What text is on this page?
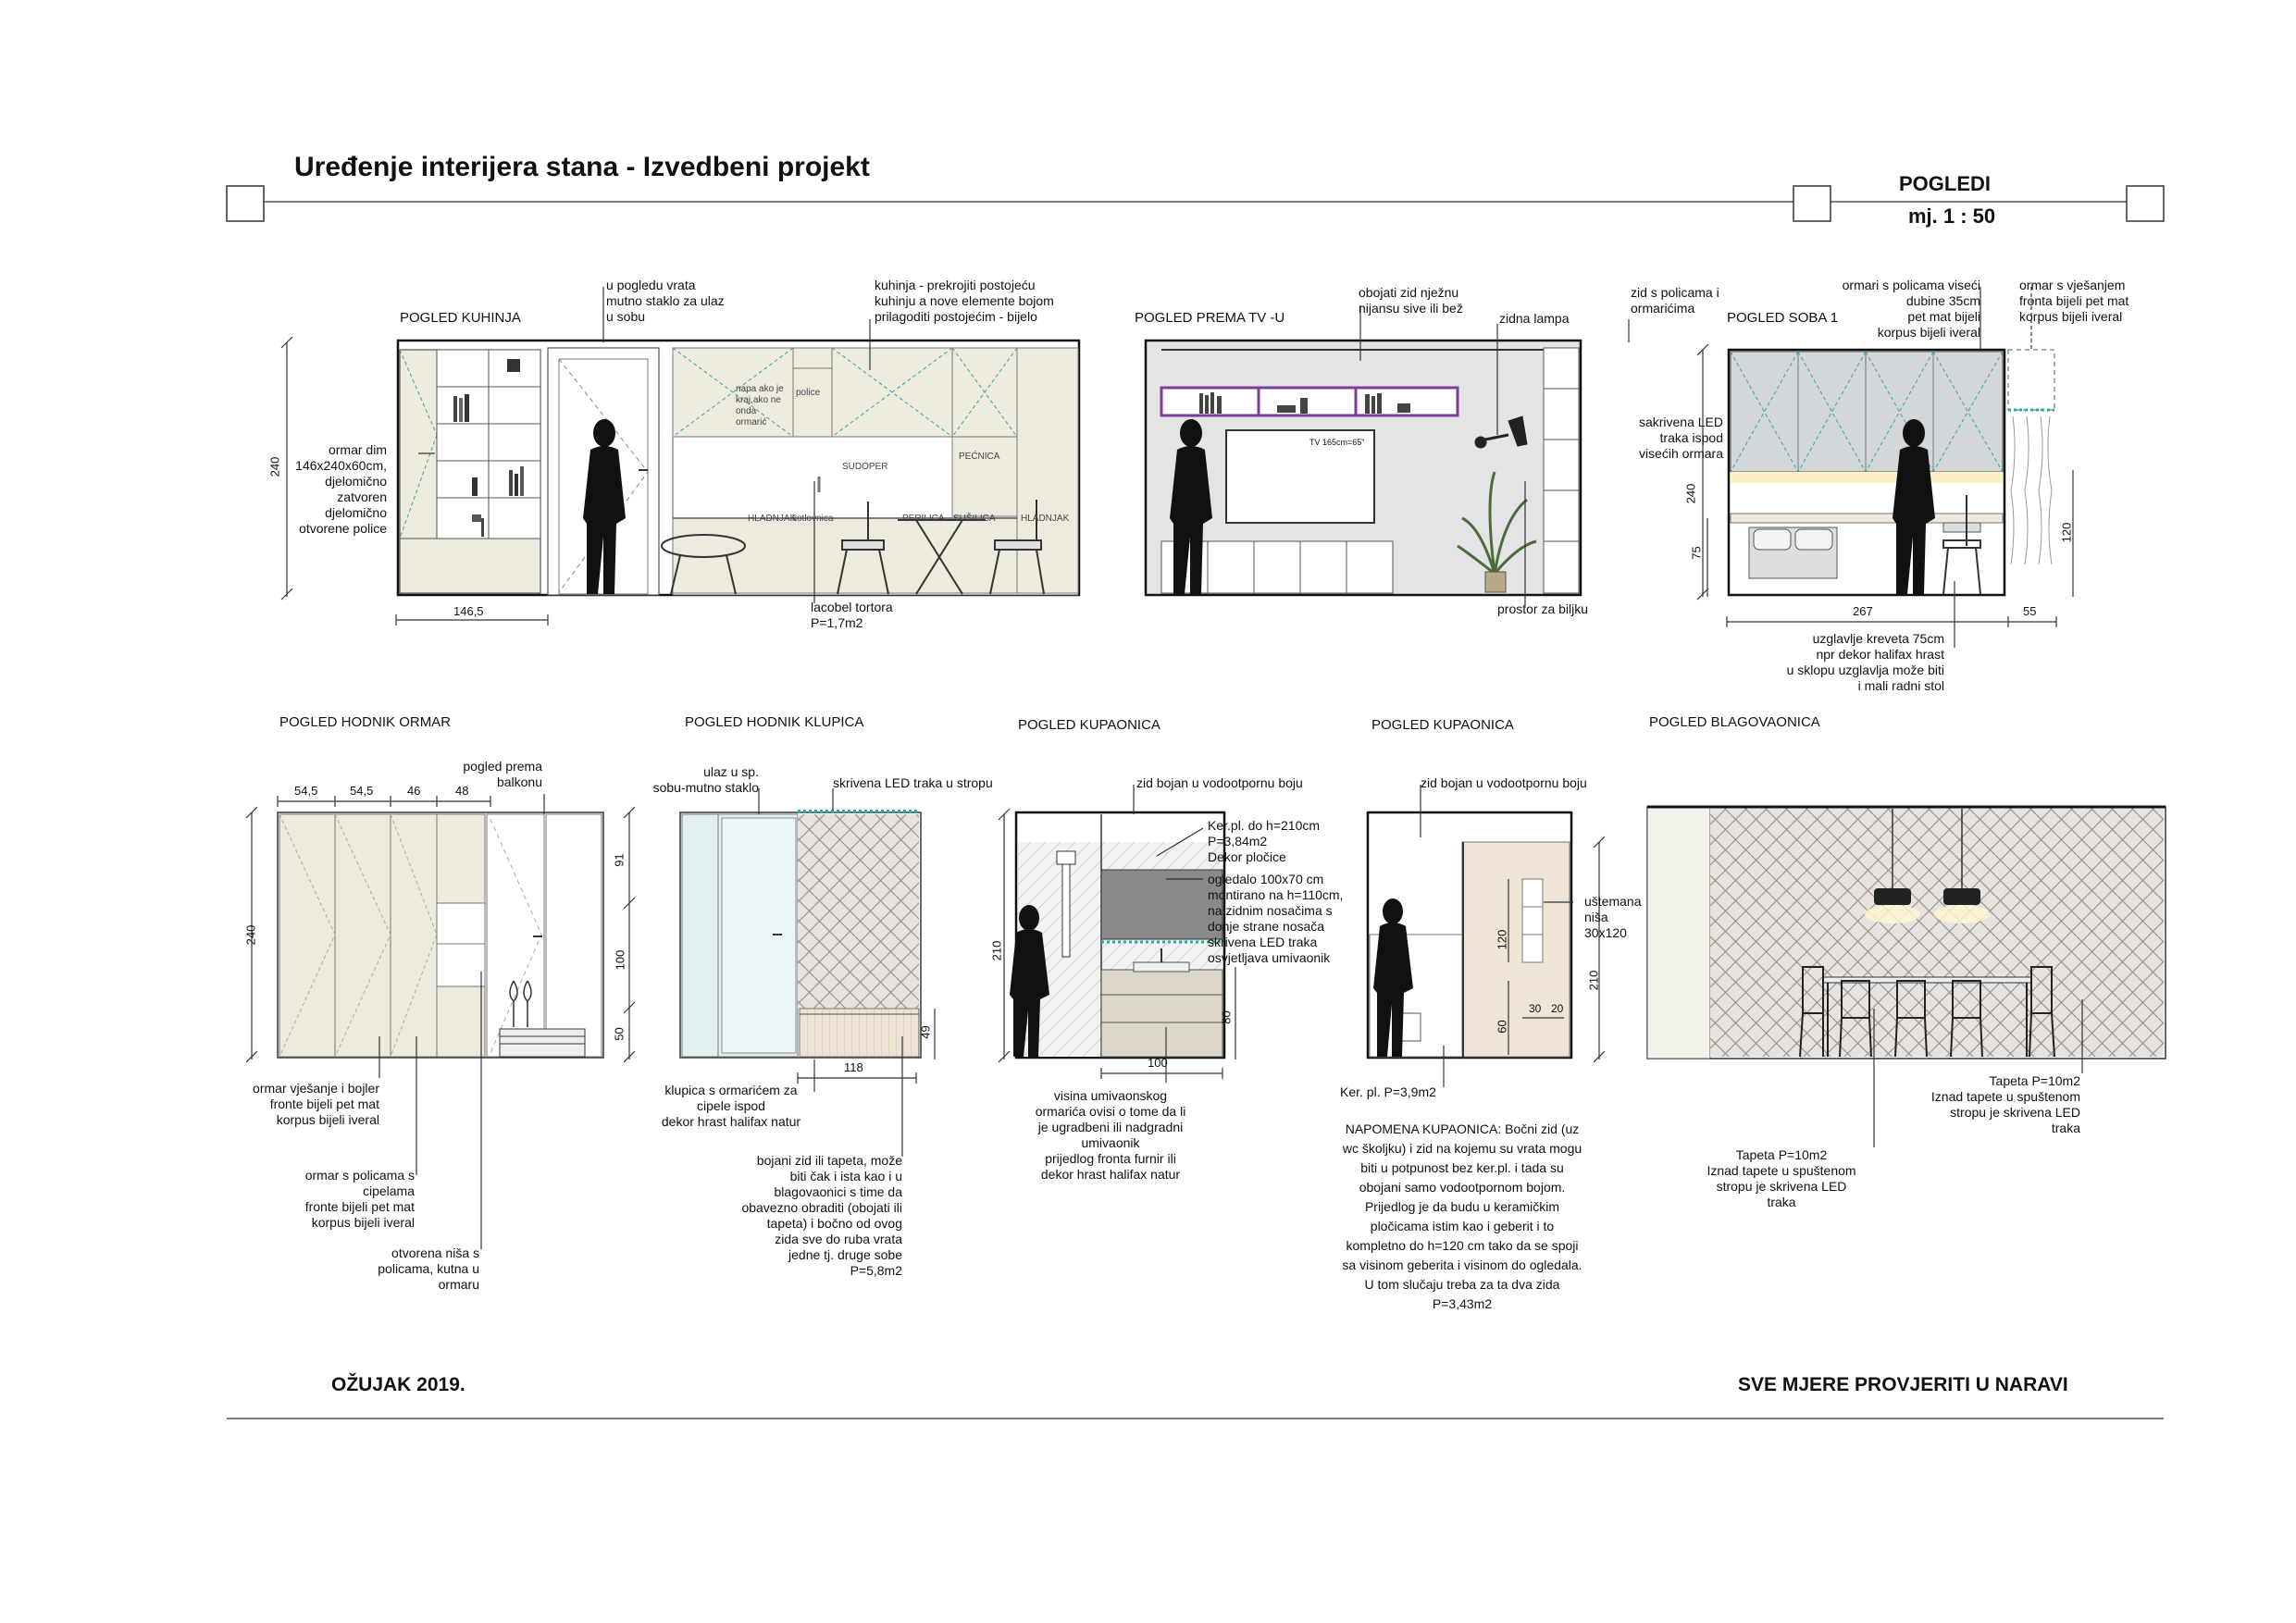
Uređenje interijera stana - Izvedbeni projekt
POGLEDI
mj. 1 : 50
OŽUJAK 2019.	SVE MJERE PROVJERITI U NARAVI
POGLED KUHINJA
u pogledu vrata
mutno staklo za ulaz
u sobu
kuhinja - prekrojiti postojeću
kuhinju a nove elemente bojom
prilagoditi postojećim - bijelo
ormar dim
146x240x60cm,
djelomično
zatvoren
djelomično
otvorene police
lacobel tortora
P=1,7m2
240
146,5
napa ako je
kraj,ako ne
onda
ormarić
police
SUDOPER
PEĆNICA
HLADNJAK
PERILICA SUŠILICA
kotlovnica
HLADNJAK
POGLED PREMA TV -U
obojati zid nježnu
nijansu sive ili bež
zidna lampa
zid s policama i
ormarićima
prostor za biljku
TV 165cm=65"
POGLED SOBA 1
ormari s policama viseći
dubine 35cm
pet mat bijeli
korpus bijeli iveral
ormar s vješanjem
fronta bijeli pet mat
korpus bijeli iveral
sakrivena LED
traka ispod
visećih ormara
uzglavlje kreveta 75cm
npr dekor halifax hrast
u sklopu uzglavlja može biti
i mali radni stol
240
75
120
267	55
POGLED HODNIK ORMAR
54,5	54,5	46	48
240
91
100
50
pogled prema
balkonu
ormar vješanje i bojler
fronte bijeli pet mat
korpus bijeli iveral
ormar s policama s
cipelama
fronte bijeli pet mat
korpus bijeli iveral
otvorena niša s
policama, kutna u
ormaru
POGLED HODNIK KLUPICA
ulaz u sp.
sobu-mutno staklo	skrivena LED traka u stropu
klupica s ormarićem za
cipele ispod
dekor hrast halifax natur
bojani zid ili tapeta, može
biti čak i ista kao i u
blagovaonici s time da
obavezno obraditi (obojati ili
tapeta) i bočno od ovog
zida sve do ruba vrata
jedne tj. druge sobe
P=5,8m2
118
49
POGLED KUPAONICA
zid bojan u vodootpornu boju
Ker.pl. do h=210cm
P=3,84m2
Dekor pločice
ogledalo 100x70 cm
montirano na h=110cm,
na zidnim nosačima s
donje strane nosača
skrivena LED traka
osvjetljava umivaonik
visina umivaonskog
ormarića ovisi o tome da li
je ugradbeni ili nadgradni
umivaonik
prijedlog fronta furnir ili
dekor hrast halifax natur
210
80
100
POGLED KUPAONICA
zid bojan u vodootpornu boju
uštemana
niša
30x120
Ker. pl. P=3,9m2
NAPOMENA KUPAONICA: Bočni zid (uz
wc školjku) i zid na kojemu su vrata mogu
biti u potpunost bez ker.pl. i tada su
obojani samo vodootpornom bojom.
Prijedlog je da budu u keramičkim
pločicama istim kao i geberit i to
kompletno do h=120 cm tako da se spoji
sa visinom geberita i visinom do ogledala.
U tom slučaju treba za ta dva zida
P=3,43m2
210
120
60
30 20
POGLED BLAGOVAONICA
Tapeta P=10m2
Iznad tapete u spuštenom
stropu je skrivena LED
traka
Tapeta P=10m2
Iznad tapete u spuštenom
stropu je skrivena LED
traka
